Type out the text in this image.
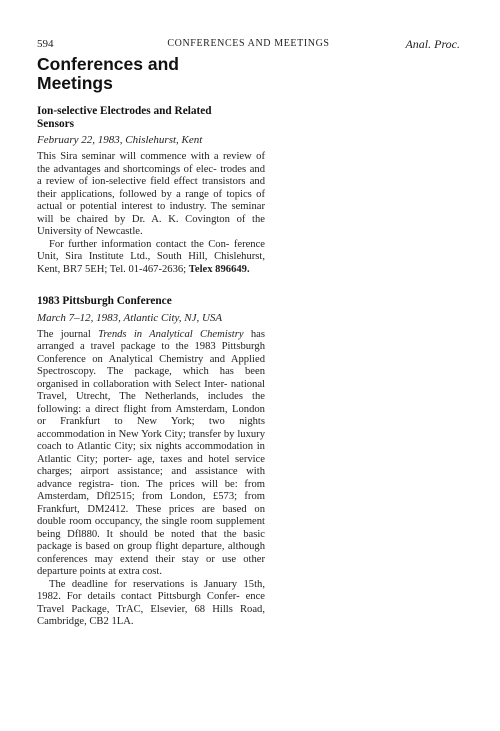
594	CONFERENCES AND MEETINGS	Anal. Proc.
Conferences and
Meetings
Ion-selective Electrodes and Related
Sensors
February 22, 1983, Chislehurst, Kent

This Sira seminar will commence with a review of the advantages and shortcomings of elec- trodes and a review of ion-selective field effect transistors and their applications, followed by a range of topics of actual or potential interest to industry. The seminar will be chaired by Dr. A. K. Covington of the University of Newcastle.

For further information contact the Con- ference Unit, Sira Institute Ltd., South Hill, Chislehurst, Kent, BR7 5EH; Tel. 01-467-2636; Telex 896649.

1983 Pittsburgh Conference
March 7–12, 1983, Atlantic City, NJ, USA

The journal Trends in Analytical Chemistry has arranged a travel package to the 1983 Pittsburgh Conference on Analytical Chemistry and Applied Spectroscopy. The package, which has been organised in collaboration with Select Inter- national Travel, Utrecht, The Netherlands, includes the following: a direct flight from Amsterdam, London or Frankfurt to New York; two nights accommodation in New York City; transfer by luxury coach to Atlantic City; six nights accommodation in Atlantic City; porter- age, taxes and hotel service charges; airport assistance; and assistance with advance registra- tion. The prices will be: from Amsterdam, Dfl2515; from London, £573; from Frankfurt, DM2412. These prices are based on double room occupancy, the single room supplement being Dfl880. It should be noted that the basic package is based on group flight departure, although conferences may extend their stay or use other departure points at extra cost.

The deadline for reservations is January 15th, 1982. For details contact Pittsburgh Confer- ence Travel Package, TrAC, Elsevier, 68 Hills Road, Cambridge, CB2 1LA.
